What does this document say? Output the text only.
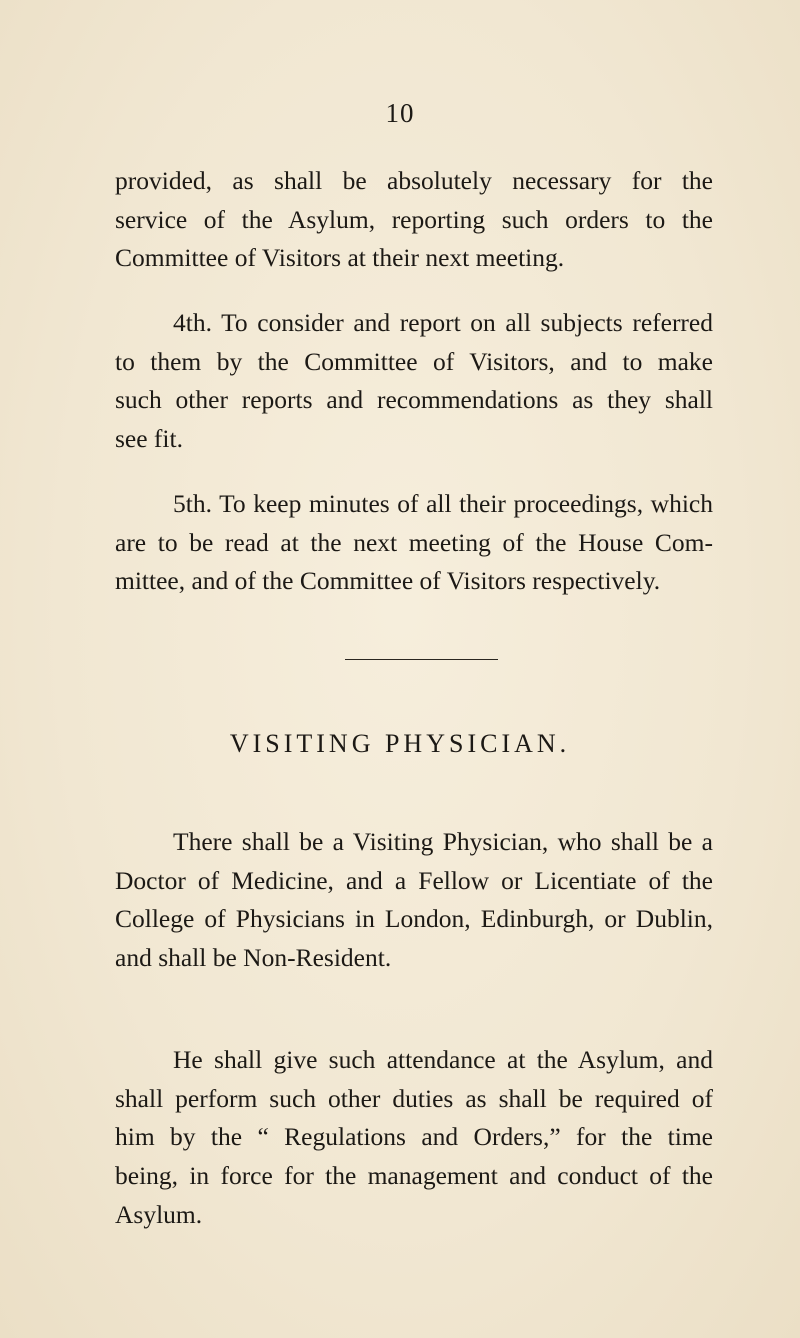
10

provided, as shall be absolutely necessary for the
service of the Asylum, reporting such orders to the
Committee of Visitors at their next meeting.

4th. To consider and report on all subjects referred
to them by the Committee of Visitors, and to make
such other reports and recommendations as they shall
see fit.

5th. To keep minutes of all their proceedings, which
are to be read at the next meeting of the House Com-
mittee, and of the Committee of Visitors respectively.

VISITING PHYSICIAN.

There shall be a Visiting Physician, who shall be a
Doctor of Medicine, and a Fellow or Licentiate of the
College of Physicians in London, Edinburgh, or Dublin,
and shall be Non-Resident.

He shall give such attendance at the Asylum, and
shall perform such other duties as shall be required of
him by the “ Regulations and Orders,” for the time
being, in force for the management and conduct of the
Asylum.
